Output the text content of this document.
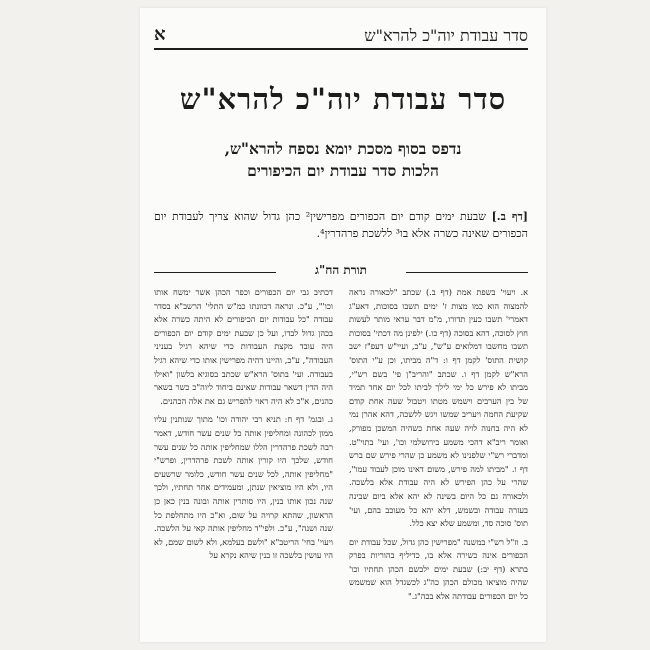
סדר עבודת יוה"כ להרא"ש
א
סדר עבודת יוה"כ להרא"ש
נדפס בסוף מסכת יומא נספח להרא"ש,
הלכות סדר עבודת יום הכיפורים
[דף ב.] שבעת ימים קודם יום הכפורים מפרישין² כהן גדול שהוא צריך לעבודת יום הכפורים שאינה כשרה אלא בו³ ללשכת פרהדרין⁴.
תורת הח"ג

א. ויעוי' בשפת אמת (דף ב.) שכתב "לכאורה נראה להמצוה הוא כמו מצות ז' ימים תשבו בסוכות, דאע"ג דאמרי' תשבו כעין תדורו, מ"מ דבר עראי מותר לעשות חוץ לסוכה, דהא בסוכה (דף כו.) ילפינן מה דכתי' בסוכות תשבו מחשבו דמלואים ע"ש", ע"כ, ועיי"ש דעפ"ז ישב קושית התוס' לקמן דף ו: ד"ה מביתו, וכן ע"י התוס' הרא"ש לקמן דף ו. שכתב "והריב"ן פי' בשם רש"י, מביתו לא פירש כל ימי לילך לביתו לכל יום אחד תמיד של בין הערבים וישמש מטתו ויטבול שעה אחת קודם שקיעת החמה ויעריב שמשו ויגש ללשכה, דהא אהרן נמי לא היה בחנוה לויה שעה אחת כשהיה המשכן מפורק, ואומר ריב"א דהכי משמע בירושלמי וכו', ועי' בתוי"ט. ומדברי רש"י שלפנינו לא משמע כן שהרי פירש שם ברש דף ו. "מביתו למה פירש, משום דאינו מוכן לעבוד עמו", שהרי על כהן הפירש לא היה עבודת אלא בלשכה. ולכאורה גם כל היום בשינה לא יהא אלא ביום שבינה בעזרה עבודה ובשמש, דלא יהא כל מעוכב בהם, ועי' תוס' סוכה סד, ומשמע שלא יצא כלל.

ב. וז"ל רש"י במשנה "מפרישין כהן גדול, שכל עבודת יום הכפורים אינה כשירה אלא בו, כדיליף בהוריות בפרק בתרא (דף יב:) שבעת ימים ילבשם הכהן תחתיו וכו' שהיה מוציאו מכולם הכהן כה"ג לכשגדל הוא שמשמש כל יום הכפורים עבודתה אלא בכה"ג."

דכתיב גבי יום הכפורים וכפר הכהן אשר ימשח אותו וכו'", ע"כ. ונראה דכוונתו כמ"ש התלי' הרשב"א בסדר עבודה "כל עבודות יום הכיפורים לא היתה כשרה אלא בכהן גדול לבדו, ועל כן שבעת ימים קודם יום הכפורים היה עובד מקצת העבודות כדי שיהא רגיל בעניני העבודה", ע"כ, והיינו דהיה מפרישין אותו כדי שיהא רגיל בעבודה. ועי' בתוס' הרא"ש שכתב בסוגיא בלשון "ואילו היה הדין דשאר עבודות שאינם ביחוד ליוה"כ כשר בשאר כהנים, א"כ לא היה ראוי להפריש גם את אלה הכהנים.

ג. ובגמ' דף ח: תניא רבי יהודה וכו' מתוך שנותנין עליו ממון לכהונה ומחליפין אותה כל שנים עשר חודש, דאמר רבה לשכת פרהדרין הללו שמחליפין אותה כל שנים עשר חודש, שלכך היו קורין אותה לשכת פרהדרין, ופרש"י "מחליפין אותה, לכל שנים עשר חודש, כלומר שרשעים היו, ולא היו מוציאין שנתן, ומעמידים אחר תחתיו, ולכך שנה נכון אותו בנין, היו סותרין אותה ובונה בנין כאן כן הראשון, שהתא קרויה על שום, וא"כ היו מתחלפת כל שנה ושנה", ע"כ. ולפי"ד מחליפין אותה קאי על הלשכה. ויעוי' בחי' הריטב"א "ולשם בעלמא, ולא לשום שמם, לא היו עושין בלשכה זו בנין שיהא נקרא על
